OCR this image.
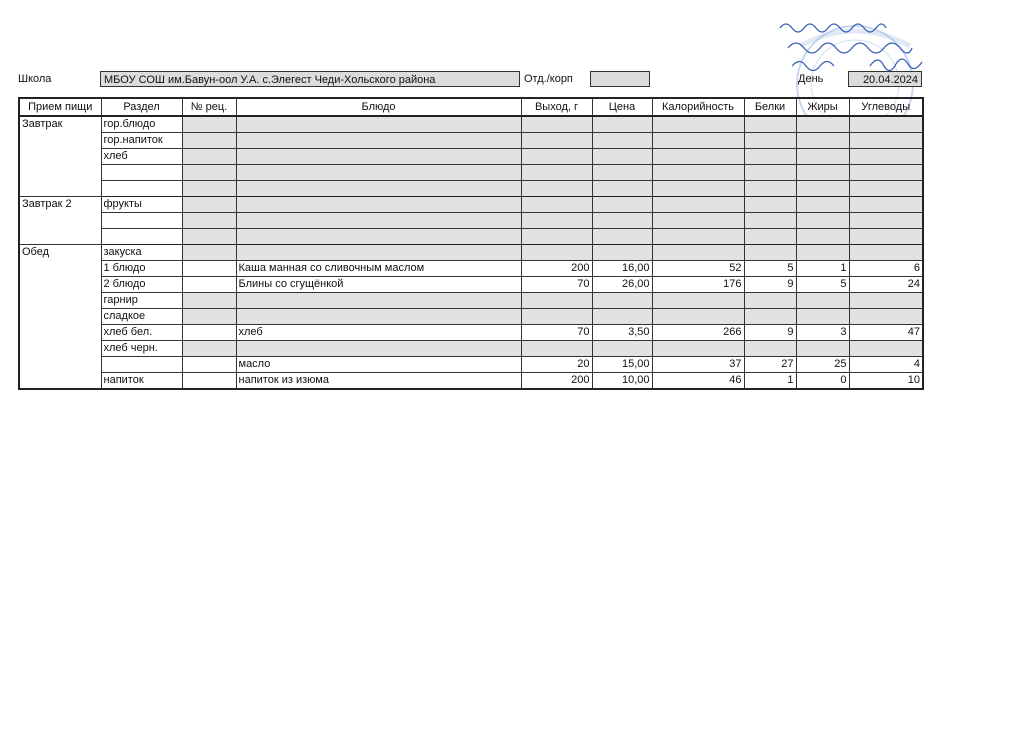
Школа	МБОУ СОШ им.Бавун-оол У.А. с.Элегест Чеди-Хольского района	Отд./корп	День	20.04.2024
Прием пищи	Раздел	№ рец.	Блюдо	Выход, г	Цена	Калорийность	Белки	Жиры	Углеводы
Завтрак	гор.блюдо								
	гор.напиток								
	хлеб								

Завтрак 2	фрукты								

Обед	закуска								
	1 блюдо		Каша манная со сливочным маслом	200	16,00	52	5	1	6
	2 блюдо		Блины со сгущёнкой	70	26,00	176	9	5	24
	гарнир								
	сладкое								
	хлеб бел.		хлеб	70	3,50	266	9	3	47
	хлеб черн.								
			масло	20	15,00	37	27	25	4
	напиток		напиток из изюма	200	10,00	46	1	0	10
